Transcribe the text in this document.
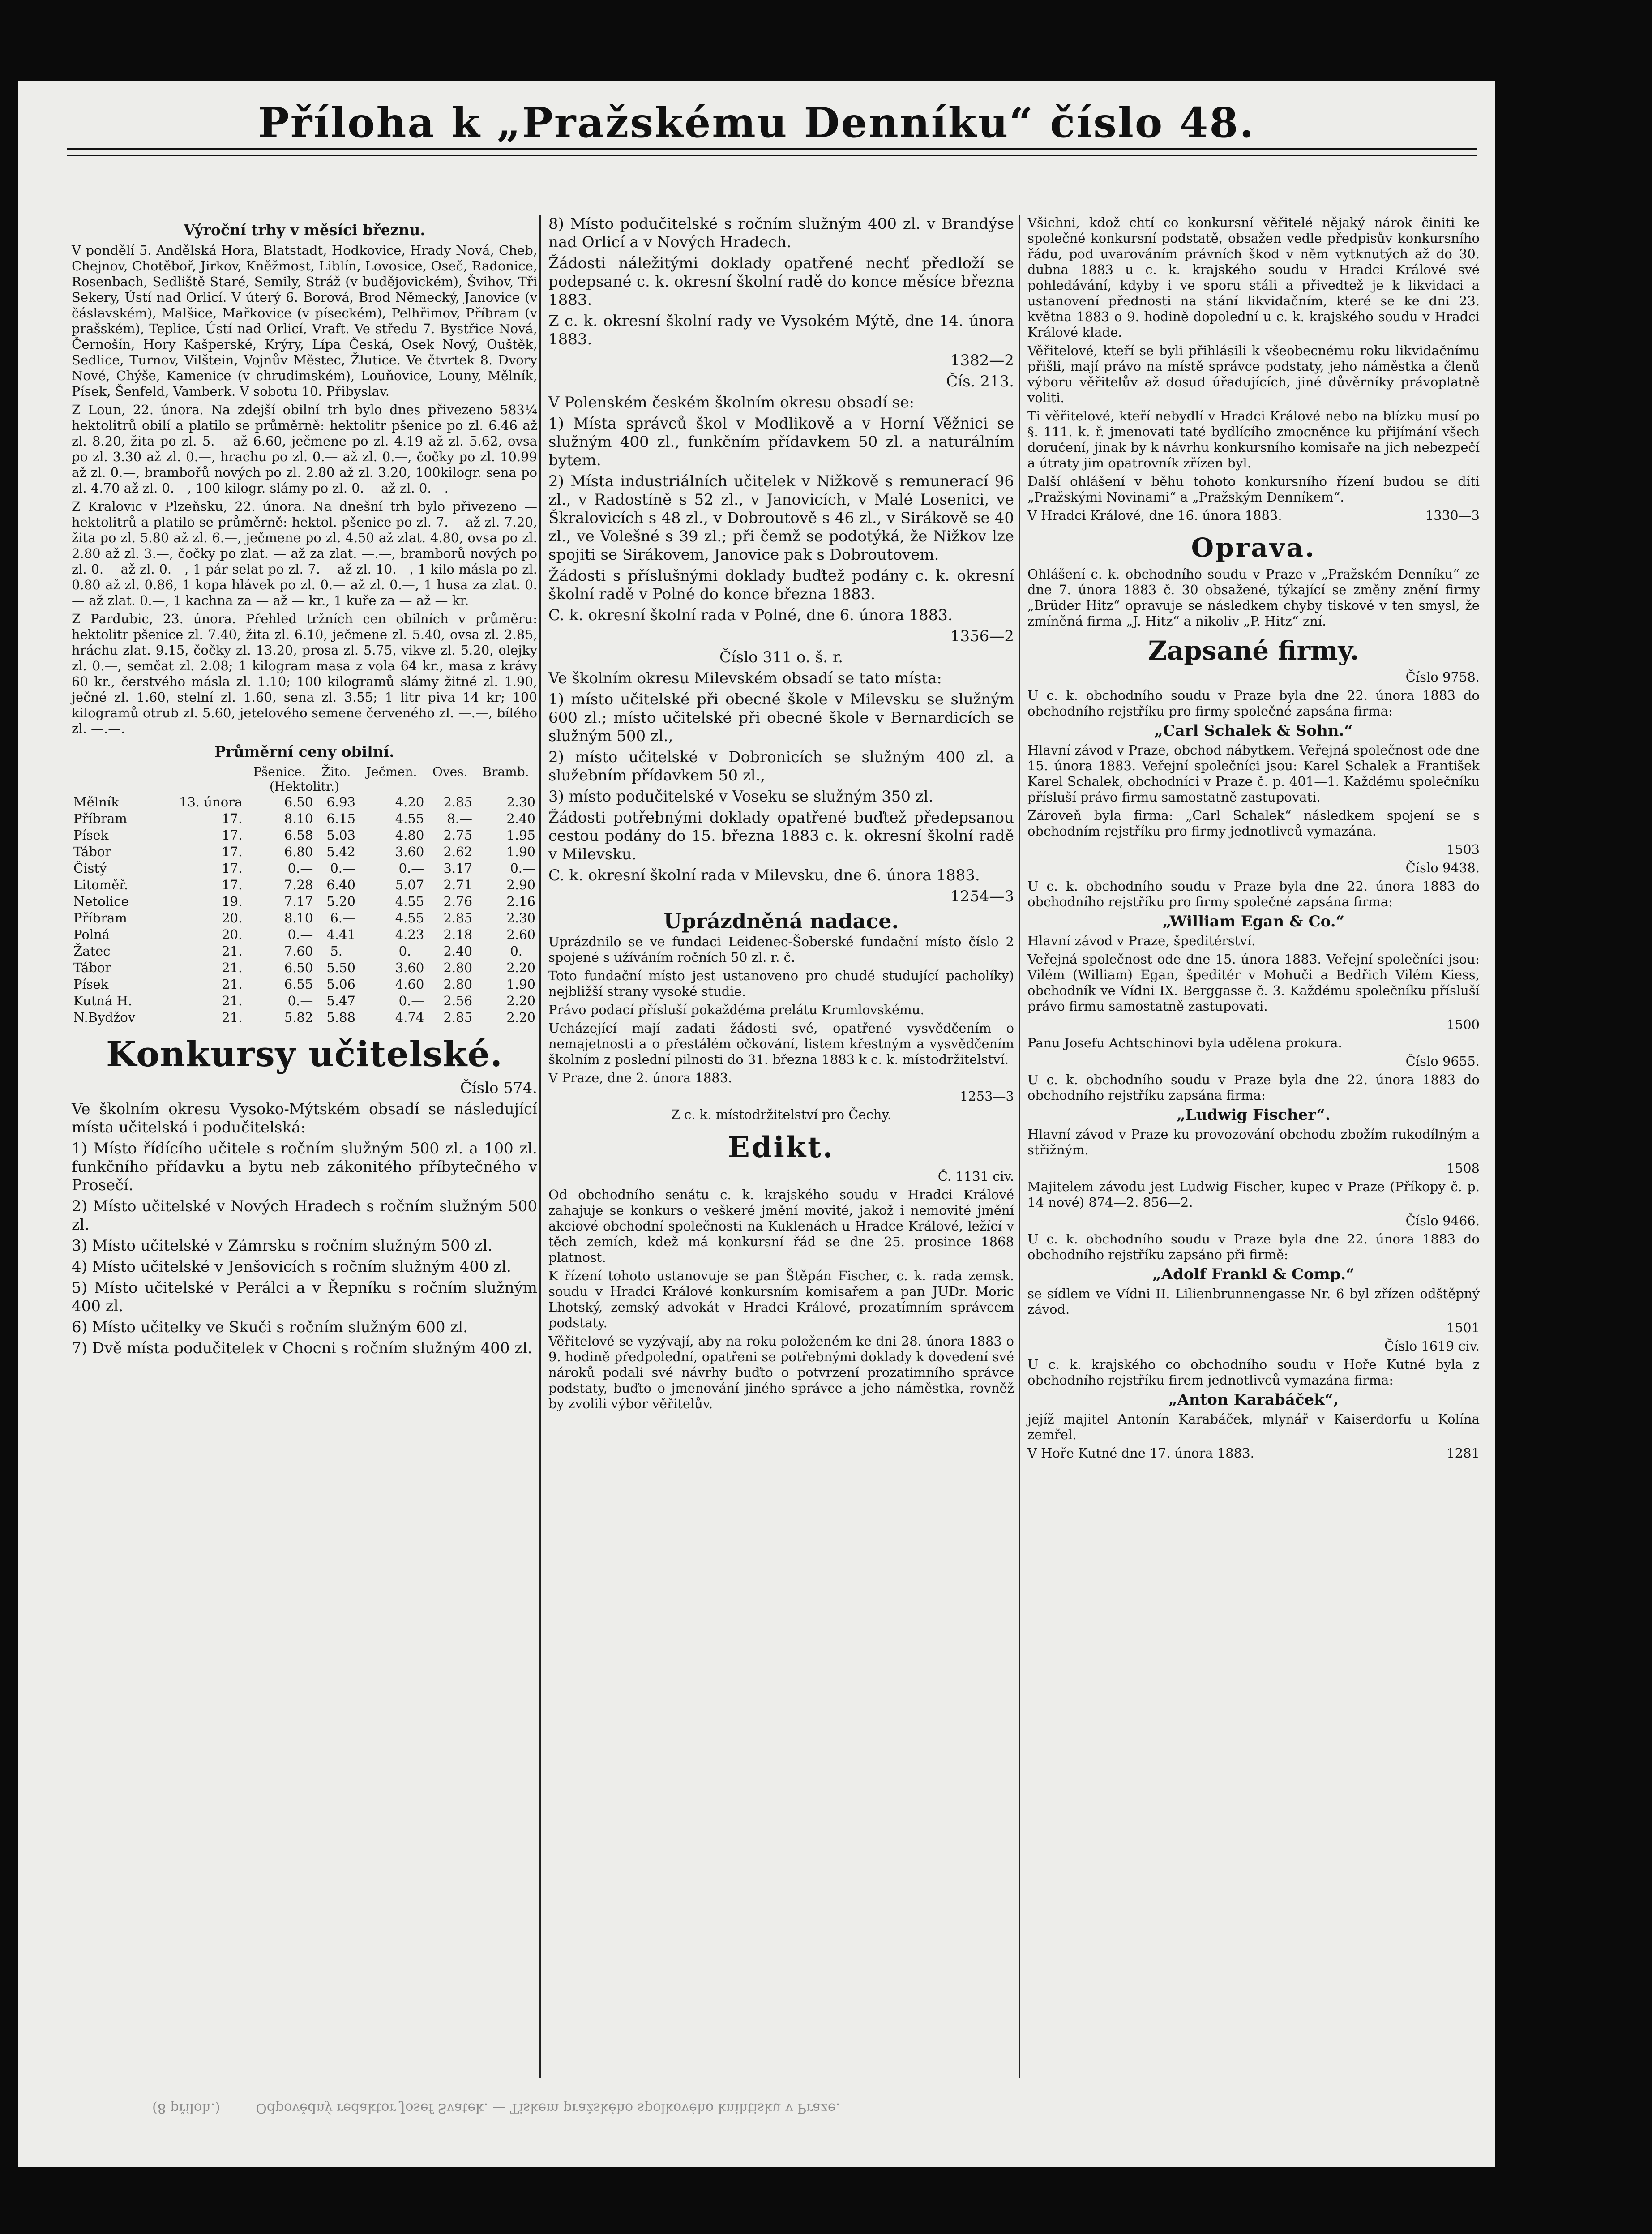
Příloha k „Pražskému Denníku“ číslo 48.

Výroční trhy v měsíci březnu.

V pondělí 5. Andělská Hora, Blatstadt, Hodkovice, Hrady Nová, Cheb, Chejnov, Chotěboř, Jirkov, Kněžmost, Liblín, Lovosice, Oseč, Radonice, Rosenbach, Sedliště Staré, Semily, Stráž (v budějovickém), Švihov, Tři Sekery, Ústí nad Orlicí. V úterý 6. Borová, Brod Německý, Janovice (v čáslavském), Malšice, Mařkovice (v píseckém), Pelhřimov, Příbram (v prašském), Teplice, Ústí nad Orlicí, Vraft. Ve středu 7. Bystřice Nová, Černošín, Hory Kašperské, Krýry, Lípa Česká, Osek Nový, Ouštěk, Sedlice, Turnov, Vilštein, Vojnův Městec, Žlutice. Ve čtvrtek 8. Dvory Nové, Chýše, Kamenice (v chrudimském), Louňovice, Louny, Mělník, Písek, Šenfeld, Vamberk. V sobotu 10. Přibyslav.

Z Loun, 22. února. Na zdejší obilní trh bylo dnes přivezeno 583¼ hektolitrů obilí a platilo se průměrně: hektolitr pšenice po zl. 6.46 až zl. 8.20, žita po zl. 5.— až 6.60, ječmene po zl. 4.19 až zl. 5.62, ovsa po zl. 3.30 až zl. 0.—, hrachu po zl. 0.— až zl. 0.—, čočky po zl. 10.99 až zl. 0.—, brambořů nových po zl. 2.80 až zl. 3.20, 100kilogr. sena po zl. 4.70 až zl. 0.—, 100 kilogr. slámy po zl. 0.— až zl. 0.—.

Z Kralovic v Plzeňsku, 22. února. Na dnešní trh bylo přivezeno — hektolitrů a platilo se průměrně: hektol. pšenice po zl. 7.— až zl. 7.20, žita po zl. 5.80 až zl. 6.—, ječmene po zl. 4.50 až zlat. 4.80, ovsa po zl. 2.80 až zl. 3.—, čočky po zlat. — až za zlat. —.—, bramborů nových po zl. 0.— až zl. 0.—, 1 pár selat po zl. 7.— až zl. 10.—, 1 kilo másla po zl. 0.80 až zl. 0.86, 1 kopa hlávek po zl. 0.— až zl. 0.—, 1 husa za zlat. 0.— až zlat. 0.—, 1 kachna za — až — kr., 1 kuře za — až — kr.

Z Pardubic, 23. února. Přehled tržních cen obilních v průměru: hektolitr pšenice zl. 7.40, žita zl. 6.10, ječmene zl. 5.40, ovsa zl. 2.85, hráchu zlat. 9.15, čočky zl. 13.20, prosa zl. 5.75, vikve zl. 5.20, olejky zl. 0.—, semčat zl. 2.08; 1 kilogram masa z vola 64 kr., masa z krávy 60 kr., čerstvého másla zl. 1.10; 100 kilogramů slámy žitné zl. 1.90, ječné zl. 1.60, stelní zl. 1.60, sena zl. 3.55; 1 litr piva 14 kr; 100 kilogramů otrub zl. 5.60, jetelového semene červeného zl. —.—, bílého zl. —.—.

Průměrní ceny obilní.

		Pšenice.	Žito.	Ječmen.	Oves.	Bramb.
(Hektolitr.)						
Mělník	13. února	6.50	6.93	4.20	2.85	2.30
Příbram	17.	8.10	6.15	4.55	8.—	2.40
Písek	17.	6.58	5.03	4.80	2.75	1.95
Tábor	17.	6.80	5.42	3.60	2.62	1.90
Čistý	17.	0.—	0.—	0.—	3.17	0.—
Litoměř.	17.	7.28	6.40	5.07	2.71	2.90
Netolice	19.	7.17	5.20	4.55	2.76	2.16
Příbram	20.	8.10	6.—	4.55	2.85	2.30
Polná	20.	0.—	4.41	4.23	2.18	2.60
Žatec	21.	7.60	5.—	0.—	2.40	0.—
Tábor	21.	6.50	5.50	3.60	2.80	2.20
Písek	21.	6.55	5.06	4.60	2.80	1.90
Kutná H.	21.	0.—	5.47	0.—	2.56	2.20
N.Bydžov	21.	5.82	5.88	4.74	2.85	2.20
Konkursy učitelské.

Číslo 574.

Ve školním okresu Vysoko-Mýtském obsadí se následující místa učitelská i podučitelská:

1) Místo řídícího učitele s ročním služným 500 zl. a 100 zl. funkčního přídavku a bytu neb zákonitého příbytečného v Prosečí.

2) Místo učitelské v Nových Hradech s ročním služným 500 zl.

3) Místo učitelské v Zámrsku s ročním služným 500 zl.

4) Místo učitelské v Jenšovicích s ročním služným 400 zl.

5) Místo učitelské v Perálci a v Řepníku s ročním služným 400 zl.

6) Místo učitelky ve Skuči s ročním služným 600 zl.

7) Dvě místa podučitelek v Chocni s ročním služným 400 zl.

8) Místo podučitelské s ročním služným 400 zl. v Brandýse nad Orlicí a v Nových Hradech.

Žádosti náležitými doklady opatřené nechť předloží se podepsané c. k. okresní školní radě do konce měsíce března 1883.

Z c. k. okresní školní rady ve Vysokém Mýtě, dne 14. února 1883.

1382—2

Čís. 213.

V Polenském českém školním okresu obsadí se:

1) Místa správců škol v Modlikově a v Horní Věžnici se služným 400 zl., funkčním přídavkem 50 zl. a naturálním bytem.

2) Místa industriálních učitelek v Nižkově s remunerací 96 zl., v Radostíně s 52 zl., v Janovicích, v Malé Losenici, ve Škralovicích s 48 zl., v Dobroutově s 46 zl., v Sirákově se 40 zl., ve Volešné s 39 zl.; při čemž se podotýká, že Nižkov lze spojiti se Sirákovem, Janovice pak s Dobroutovem.

Žádosti s příslušnými doklady buďtež podány c. k. okresní školní radě v Polné do konce března 1883.

C. k. okresní školní rada v Polné, dne 6. února 1883.

1356—2

Číslo 311 o. š. r.

Ve školním okresu Milevském obsadí se tato místa:

1) místo učitelské při obecné škole v Milevsku se služným 600 zl.; místo učitelské při obecné škole v Bernardicích se služným 500 zl.,

2) místo učitelské v Dobronicích se služným 400 zl. a služebním přídavkem 50 zl.,

3) místo podučitelské v Voseku se služným 350 zl.

Žádosti potřebnými doklady opatřené buďtež předepsanou cestou podány do 15. března 1883 c. k. okresní školní radě v Milevsku.

C. k. okresní školní rada v Milevsku, dne 6. února 1883.

1254—3

Uprázdněná nadace.

Uprázdnilo se ve fundaci Leidenec-Šoberské fundační místo číslo 2 spojené s užíváním ročních 50 zl. r. č.

Toto fundační místo jest ustanoveno pro chudé studující pacholíky) nejbližší strany vysoké studie.

Právo podací přísluší pokaždéma prelátu Krumlovskému.

Ucházející mají zadati žádosti své, opatřené vysvědčením o nemajetnosti a o přestálém očkování, listem křestným a vysvědčením školním z poslední pilnosti do 31. března 1883 k c. k. místodržitelství.

V Praze, dne 2. února 1883.

1253—3

Z c. k. místodržitelství pro Čechy.

Edikt.

Č. 1131 civ.

Od obchodního senátu c. k. krajského soudu v Hradci Králové zahajuje se konkurs o veškeré jmění movité, jakož i nemovité jmění akciové obchodní společnosti na Kuklenách u Hradce Králové, ležící v těch zemích, kdež má konkursní řád se dne 25. prosince 1868 platnost.

K řízení tohoto ustanovuje se pan Štěpán Fischer, c. k. rada zemsk. soudu v Hradci Králové konkursním komisařem a pan JUDr. Moric Lhotský, zemský advokát v Hradci Králové, prozatímním správcem podstaty.

Věřitelové se vyzývají, aby na roku položeném ke dni 28. února 1883 o 9. hodině předpolední, opatřeni se potřebnými doklady k dovedení své nároků podali své návrhy buďto o potvrzení prozatimního správce podstaty, buďto o jmenování jiného správce a jeho náměstka, rovněž by zvolili výbor věřitelův.

Všichni, kdož chtí co konkursní věřitelé nějaký nárok činiti ke společné konkursní podstatě, obsažen vedle předpisův konkursního řádu, pod uvarováním právních škod v něm vytknutých až do 30. dubna 1883 u c. k. krajského soudu v Hradci Králové své pohledávání, kdyby i ve sporu stáli a přivedtež je k likvidaci a ustanovení přednosti na stání likvidačním, které se ke dni 23. května 1883 o 9. hodině dopolední u c. k. krajského soudu v Hradci Králové klade.

Věřitelové, kteří se byli přihlásili k všeobecnému roku likvidačnímu přišli, mají právo na místě správce podstaty, jeho náměstka a členů výboru věřitelův až dosud úřadujících, jiné důvěrníky právoplatně voliti.

Ti věřitelové, kteří nebydlí v Hradci Králové nebo na blízku musí po §. 111. k. ř. jmenovati taté bydlícího zmocněnce ku přijímání všech doručení, jinak by k návrhu konkursního komisaře na jich nebezpečí a útraty jim opatrovník zřízen byl.

Další ohlášení v běhu tohoto konkursního řízení budou se díti „Pražskými Novinami“ a „Pražským Denníkem“.

V Hradci Králové, dne 16. února 1883.	1330—3

Oprava.

Ohlášení c. k. obchodního soudu v Praze v „Pražském Denníku“ ze dne 7. února 1883 č. 30 obsažené, týkající se změny znění firmy „Brüder Hitz“ opravuje se následkem chyby tiskové v ten smysl, že zmíněná firma „J. Hitz“ a nikoliv „P. Hitz“ zní.

Zapsané firmy.

Číslo 9758.

U c. k. obchodního soudu v Praze byla dne 22. února 1883 do obchodního rejstříku pro firmy společné zapsána firma:

„Carl Schalek & Sohn.“

Hlavní závod v Praze, obchod nábytkem. Veřejná společnost ode dne 15. února 1883. Veřejní společníci jsou: Karel Schalek a František Karel Schalek, obchodníci v Praze č. p. 401—1. Každému společníku přísluší právo firmu samostatně zastupovati.

Zároveň byla firma: „Carl Schalek“ následkem spojení se s obchodním rejstříku pro firmy jednotlivců vymazána.

1503

Číslo 9438.

U c. k. obchodního soudu v Praze byla dne 22. února 1883 do obchodního rejstříku pro firmy společné zapsána firma:

„William Egan & Co.“

Hlavní závod v Praze, špeditérství.

Veřejná společnost ode dne 15. února 1883. Veřejní společníci jsou: Vilém (William) Egan, špeditér v Mohuči a Bedřich Vilém Kiess, obchodník ve Vídni IX. Berggasse č. 3. Každému společníku přísluší právo firmu samostatně zastupovati.

1500

Panu Josefu Achtschinovi byla udělena prokura.

Číslo 9655.

U c. k. obchodního soudu v Praze byla dne 22. února 1883 do obchodního rejstříku zapsána firma:

„Ludwig Fischer“.

Hlavní závod v Praze ku provozování obchodu zbožím rukodílným a střižným.

1508

Majitelem závodu jest Ludwig Fischer, kupec v Praze (Příkopy č. p. 14 nové) 874—2. 856—2.

Číslo 9466.

U c. k. obchodního soudu v Praze byla dne 22. února 1883 do obchodního rejstříku zapsáno při firmě:

„Adolf Frankl & Comp.“

se sídlem ve Vídni II. Lilienbrunnengasse Nr. 6 byl zřízen odštěpný závod.

1501

Číslo 1619 civ.

U c. k. krajského co obchodního soudu v Hoře Kutné byla z obchodního rejstříku firem jednotlivců vymazána firma:

„Anton Karabáček“,

jejíž majitel Antonín Karabáček, mlynář v Kaiserdorfu u Kolína zemřel.

V Hoře Kutné dne 17. února 1883.	1281

(8 příloh.)	Odpovědný redaktor Josef Svatek. — Tiskem pražského spolkového knihtisku v Praze.
